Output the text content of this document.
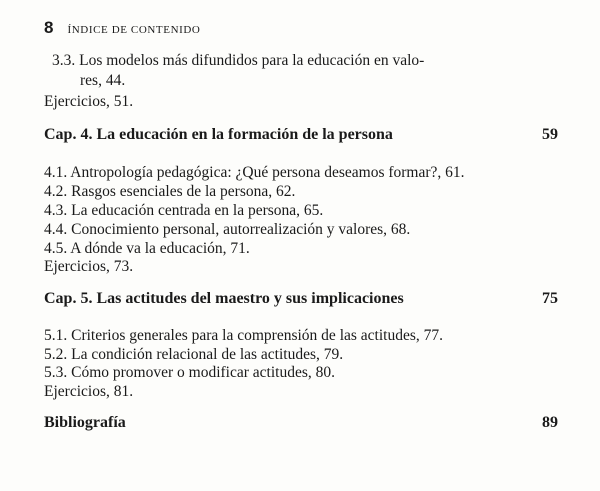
8 ÍNDICE DE CONTENIDO
3.3. Los modelos más difundidos para la educación en valo-
res, 44.
Ejercicios, 51.
Cap. 4. La educación en la formación de la persona	59
4.1. Antropología pedagógica: ¿Qué persona deseamos formar?, 61.
4.2. Rasgos esenciales de la persona, 62.
4.3. La educación centrada en la persona, 65.
4.4. Conocimiento personal, autorrealización y valores, 68.
4.5. A dónde va la educación, 71.
Ejercicios, 73.
Cap. 5. Las actitudes del maestro y sus implicaciones	75
5.1. Criterios generales para la comprensión de las actitudes, 77.
5.2. La condición relacional de las actitudes, 79.
5.3. Cómo promover o modificar actitudes, 80.
Ejercicios, 81.
Bibliografía	89
